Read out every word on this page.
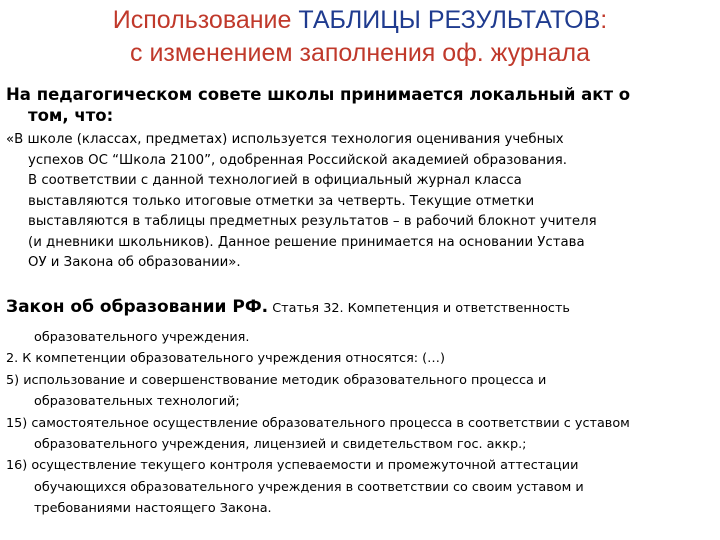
Использование ТАБЛИЦЫ РЕЗУЛЬТАТОВ:
с изменением заполнения оф. журнала
На педагогическом совете школы принимается локальный акт о
том, что:
«В школе (классах, предметах) используется технология оценивания учебных
успехов ОС “Школа 2100”, одобренная Российской академией образования.
В соответствии с данной технологией в официальный журнал класса
выставляются только итоговые отметки за четверть. Текущие отметки
выставляются в таблицы предметных результатов – в рабочий блокнот учителя
(и дневники школьников). Данное решение принимается на основании Устава
ОУ и Закона об образовании».
Закон об образовании РФ. Статья 32. Компетенция и ответственность
образовательного учреждения.
2. К компетенции образовательного учреждения относятся: (…)
5) использование и совершенствование методик образовательного процесса и
образовательных технологий;
15) самостоятельное осуществление образовательного процесса в соответствии с уставом
образовательного учреждения, лицензией и свидетельством гос. аккр.;
16) осуществление текущего контроля успеваемости и промежуточной аттестации
обучающихся образовательного учреждения в соответствии со своим уставом и
требованиями настоящего Закона.
